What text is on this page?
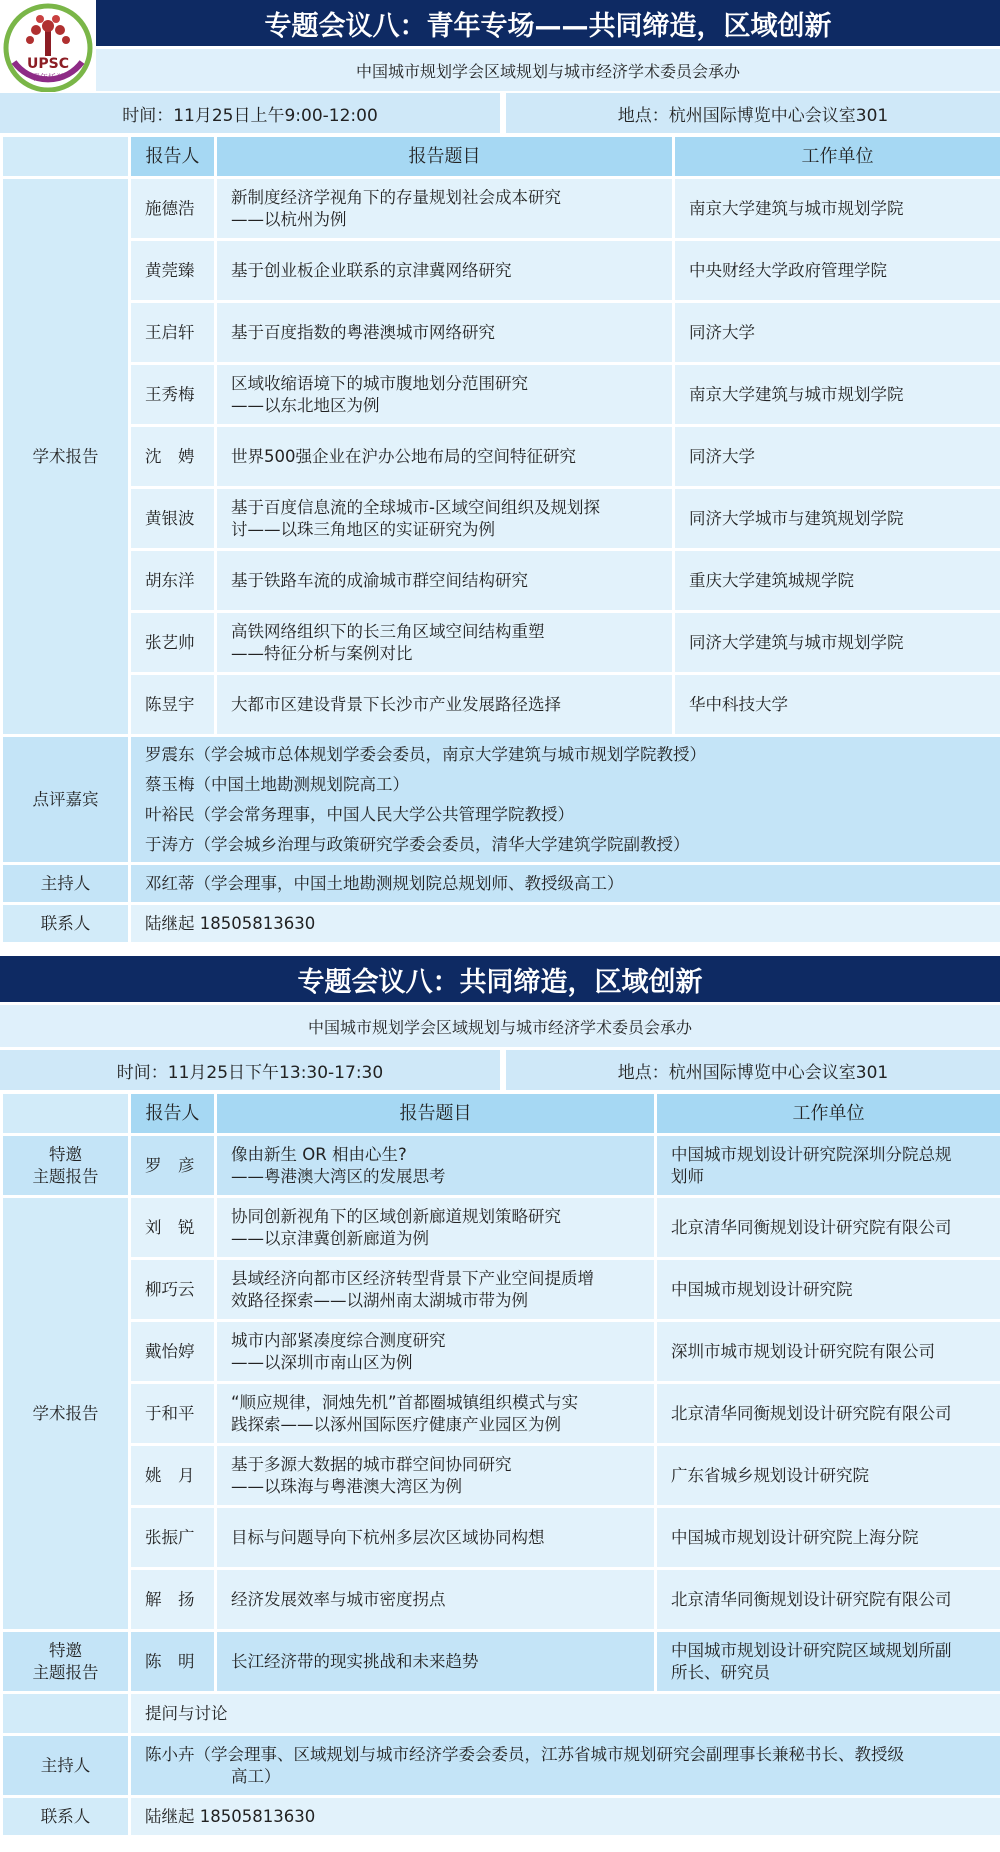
UPSC
青年托举
专题会议八：青年专场——共同缔造，区域创新
中国城市规划学会区域规划与城市经济学术委员会承办
时间：11月25日上午9:00-12:00	地点：杭州国际博览中心会议室301
	报告人	报告题目	工作单位
学术报告	施德浩	新制度经济学视角下的存量规划社会成本研究
——以杭州为例	南京大学建筑与城市规划学院
	黄莞臻	基于创业板企业联系的京津冀网络研究	中央财经大学政府管理学院
	王启轩	基于百度指数的粤港澳城市网络研究	同济大学
	王秀梅	区域收缩语境下的城市腹地划分范围研究
——以东北地区为例	南京大学建筑与城市规划学院
	沈　娉	世界500强企业在沪办公地布局的空间特征研究	同济大学
	黄银波	基于百度信息流的全球城市-区域空间组织及规划探
讨——以珠三角地区的实证研究为例	同济大学城市与建筑规划学院
	胡东洋	基于铁路车流的成渝城市群空间结构研究	重庆大学建筑城规学院
	张艺帅	高铁网络组织下的长三角区域空间结构重塑
——特征分析与案例对比	同济大学建筑与城市规划学院
	陈昱宇	大都市区建设背景下长沙市产业发展路径选择	华中科技大学
点评嘉宾	罗震东（学会城市总体规划学委会委员，南京大学建筑与城市规划学院教授）
蔡玉梅（中国土地勘测规划院高工）
叶裕民（学会常务理事，中国人民大学公共管理学院教授）
于涛方（学会城乡治理与政策研究学委会委员，清华大学建筑学院副教授）		

主持人	邓红蒂（学会理事，中国土地勘测规划院总规划师、教授级高工）		
联系人	陆继起 18505813630		
专题会议八：共同缔造，区域创新
中国城市规划学会区域规划与城市经济学术委员会承办
时间：11月25日下午13:30-17:30	地点：杭州国际博览中心会议室301
	报告人	报告题目	工作单位

特邀
主题报告	罗　彦	像由新生 OR 相由心生?
——粤港澳大湾区的发展思考	中国城市规划设计研究院深圳分院总规
划师

学术报告	刘　锐	协同创新视角下的区域创新廊道规划策略研究
——以京津冀创新廊道为例	北京清华同衡规划设计研究院有限公司
	柳巧云	县域经济向都市区经济转型背景下产业空间提质增
效路径探索——以湖州南太湖城市带为例	中国城市规划设计研究院
	戴怡婷	城市内部紧凑度综合测度研究
——以深圳市南山区为例	深圳市城市规划设计研究院有限公司
	于和平	“顺应规律，洞烛先机”首都圈城镇组织模式与实
践探索——以涿州国际医疗健康产业园区为例	北京清华同衡规划设计研究院有限公司
	姚　月	基于多源大数据的城市群空间协同研究
——以珠海与粤港澳大湾区为例	广东省城乡规划设计研究院
	张振广	目标与问题导向下杭州多层次区域协同构想	中国城市规划设计研究院上海分院
	解　扬	经济发展效率与城市密度拐点	北京清华同衡规划设计研究院有限公司

特邀
主题报告	陈　明	长江经济带的现实挑战和未来趋势	中国城市规划设计研究院区域规划所副
所长、研究员

	提问与讨论		
主持人	陈小卉（学会理事、区域规划与城市经济学委会委员，江苏省城市规划研究会副理事长兼秘书长、教授级
高工）		

联系人	陆继起 18505813630		
